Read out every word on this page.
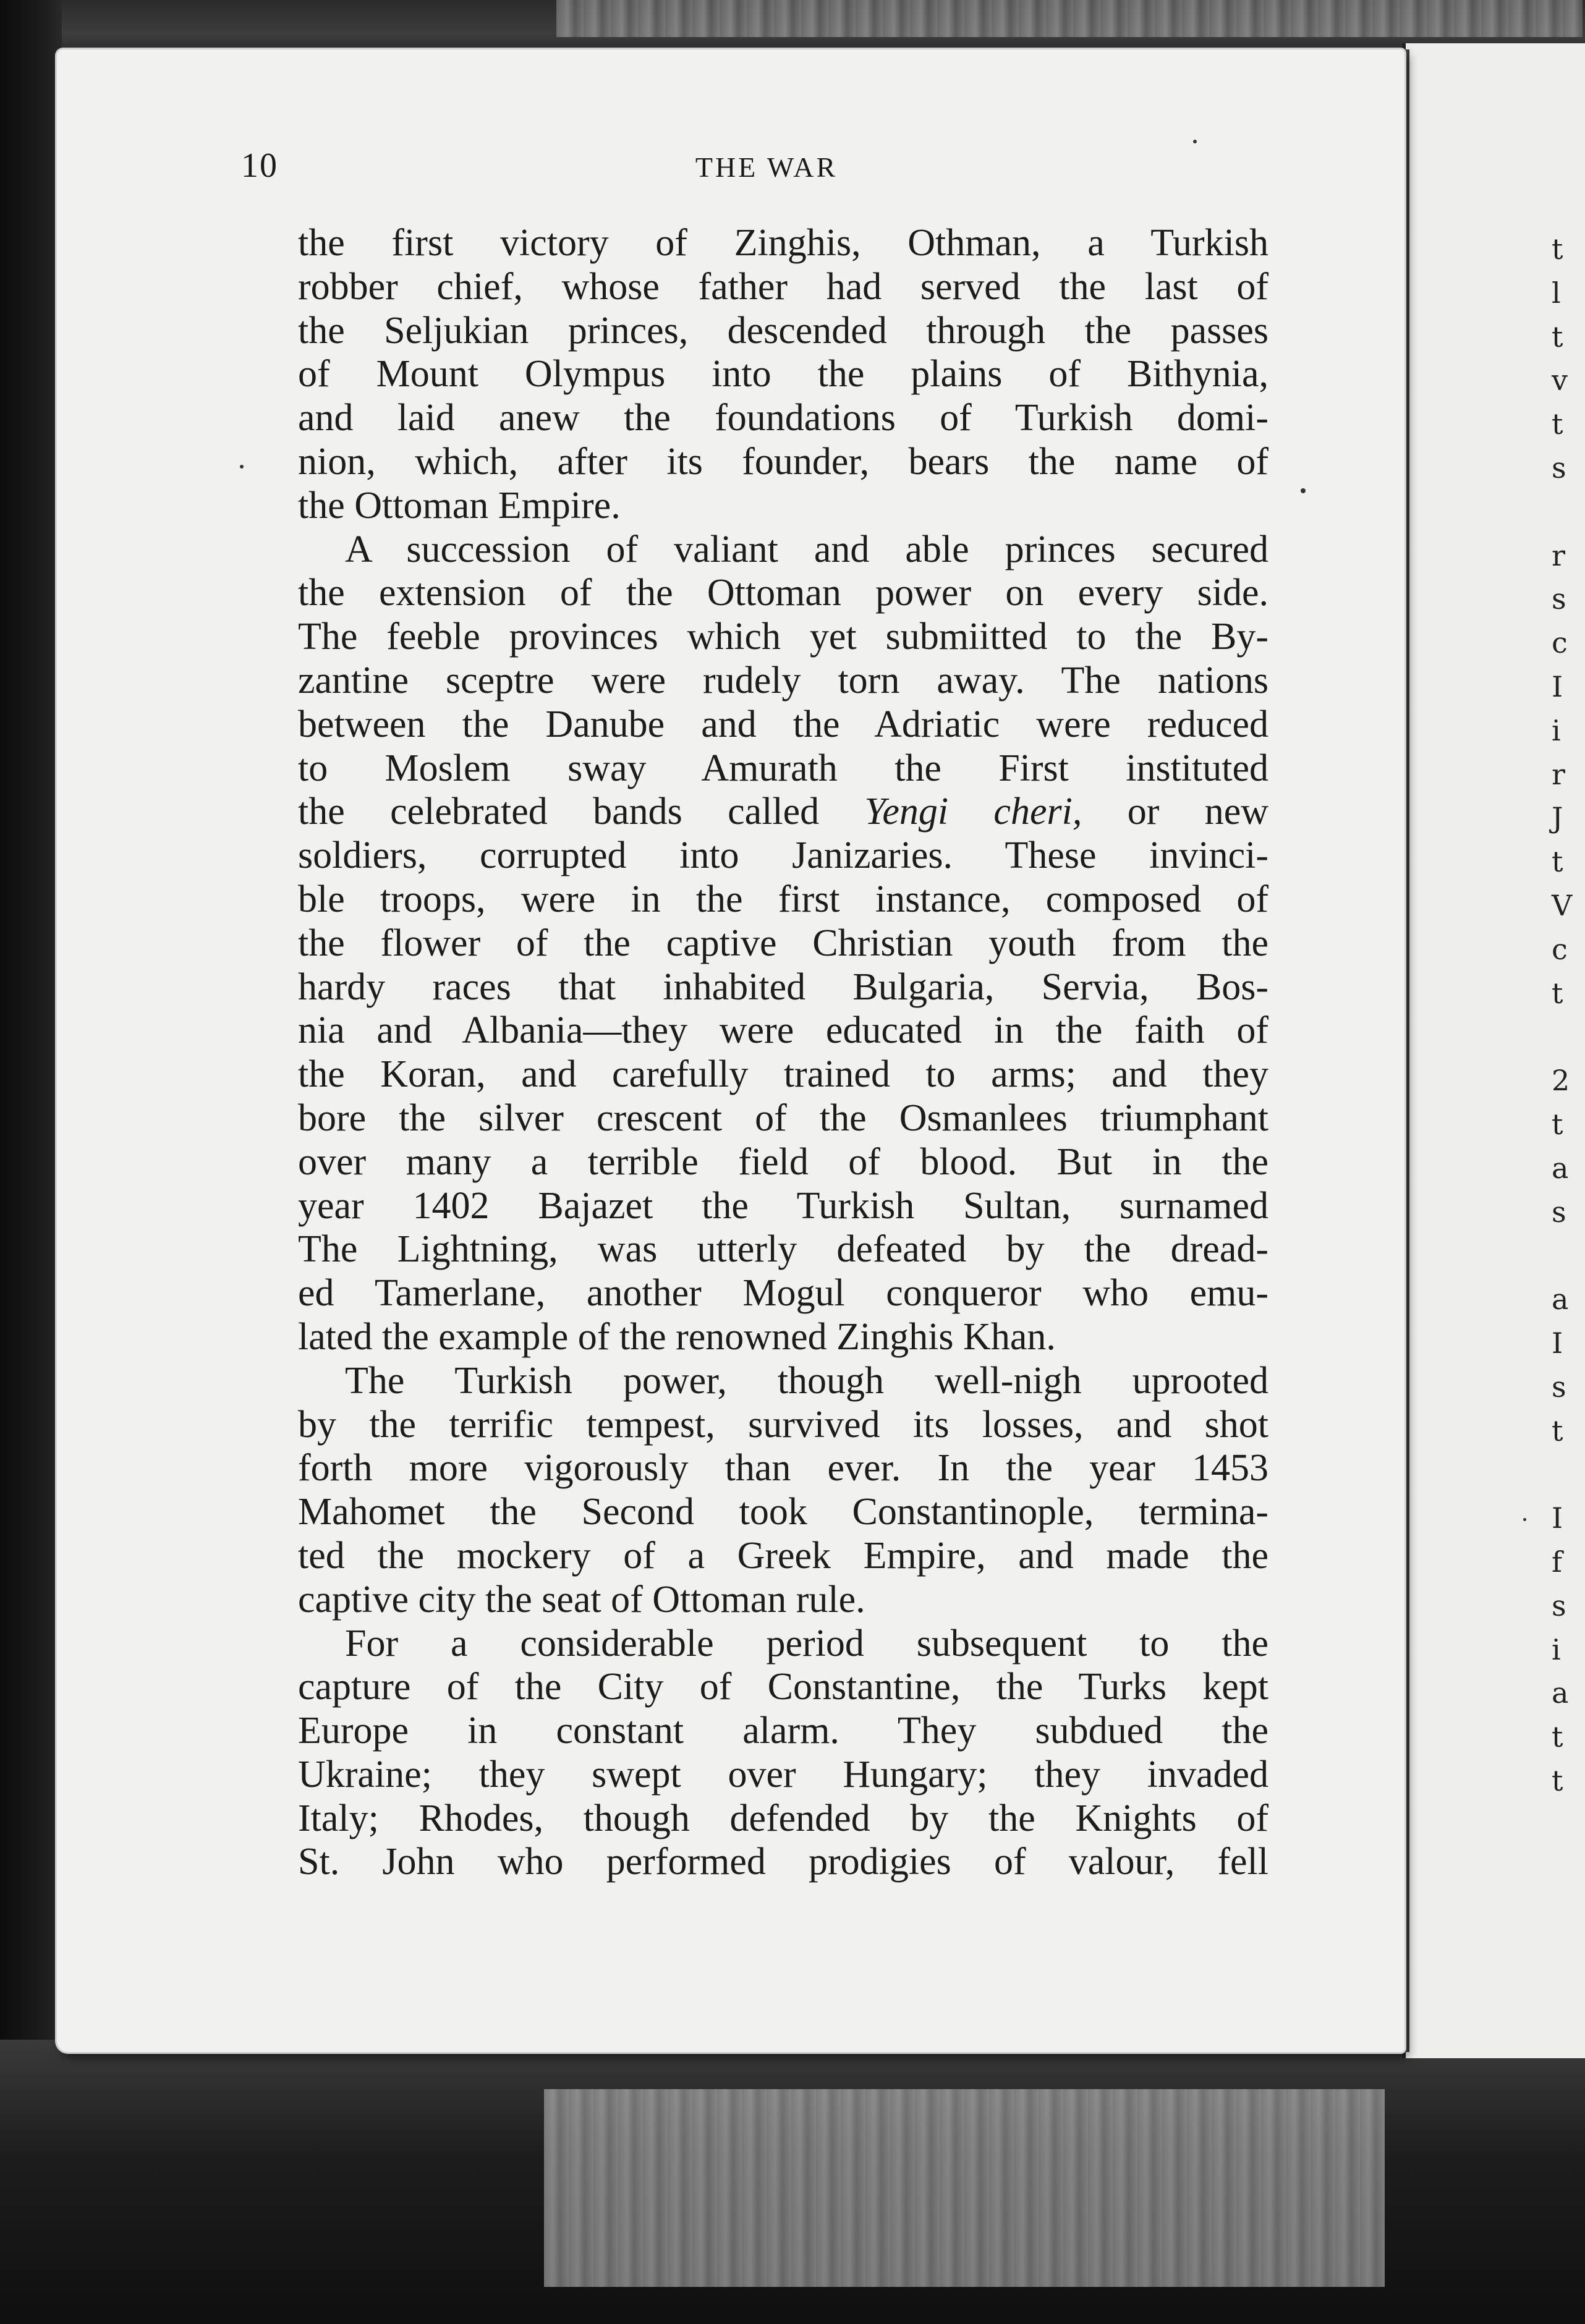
10	THE WAR
the first victory of Zinghis, Othman, a Turkish
robber chief, whose father had served the last of
the Seljukian princes, descended through the passes
of Mount Olympus into the plains of Bithynia,
and laid anew the foundations of Turkish domi-
nion, which, after its founder, bears the name of
the Ottoman Empire.
A succession of valiant and able princes secured
the extension of the Ottoman power on every side.
The feeble provinces which yet submiitted to the By-
zantine sceptre were rudely torn away. The nations
between the Danube and the Adriatic were reduced
to Moslem sway Amurath the First instituted
the celebrated bands called Yengi cheri, or new
soldiers, corrupted into Janizaries. These invinci-
ble troops, were in the first instance, composed of
the flower of the captive Christian youth from the
hardy races that inhabited Bulgaria, Servia, Bos-
nia and Albania—they were educated in the faith of
the Koran, and carefully trained to arms; and they
bore the silver crescent of the Osmanlees triumphant
over many a terrible field of blood. But in the
year 1402 Bajazet the Turkish Sultan, surnamed
The Lightning, was utterly defeated by the dread-
ed Tamerlane, another Mogul conqueror who emu-
lated the example of the renowned Zinghis Khan.
The Turkish power, though well-nigh uprooted
by the terrific tempest, survived its losses, and shot
forth more vigorously than ever. In the year 1453
Mahomet the Second took Constantinople, termina-
ted the mockery of a Greek Empire, and made the
captive city the seat of Ottoman rule.
For a considerable period subsequent to the
capture of the City of Constantine, the Turks kept
Europe in constant alarm. They subdued the
Ukraine; they swept over Hungary; they invaded
Italy; Rhodes, though defended by the Knights of
St. John who performed prodigies of valour, fell
t
l
t
v
t
s
r
s
c
I
i
r
J
t
V
c
t
2
t
a
s
a
I
s
t
I
f
s
i
a
t
t
